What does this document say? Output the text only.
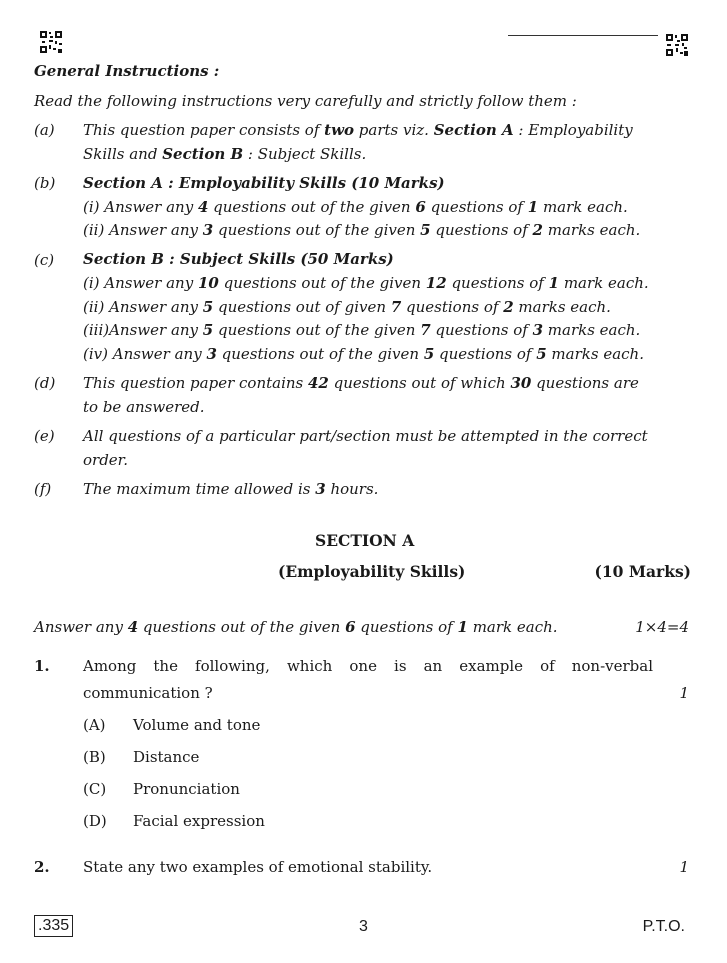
General Instructions :
Read the following instructions very carefully and strictly follow them :
(a) This question paper consists of two parts viz. Section A : Employability Skills and Section B : Subject Skills.
(b) Section A : Employability Skills (10 Marks)
(i) Answer any 4 questions out of the given 6 questions of 1 mark each.
(ii) Answer any 3 questions out of the given 5 questions of 2 marks each.
(c) Section B : Subject Skills (50 Marks)
(i) Answer any 10 questions out of the given 12 questions of 1 mark each.
(ii) Answer any 5 questions out of given 7 questions of 2 marks each.
(iii)Answer any 5 questions out of the given 7 questions of 3 marks each.
(iv) Answer any 3 questions out of the given 5 questions of 5 marks each.
(d) This question paper contains 42 questions out of which 30 questions are to be answered.
(e) All questions of a particular part/section must be attempted in the correct order.
(f) The maximum time allowed is 3 hours.
SECTION A
(Employability Skills)	(10 Marks)
Answer any 4 questions out of the given 6 questions of 1 mark each.	1×4=4
1. Among the following, which one is an example of non-verbal
communication ?	1
(A) Volume and tone
(B) Distance
(C) Pronunciation
(D) Facial expression
2. State any two examples of emotional stability.	1
.335	3	P.T.O.
